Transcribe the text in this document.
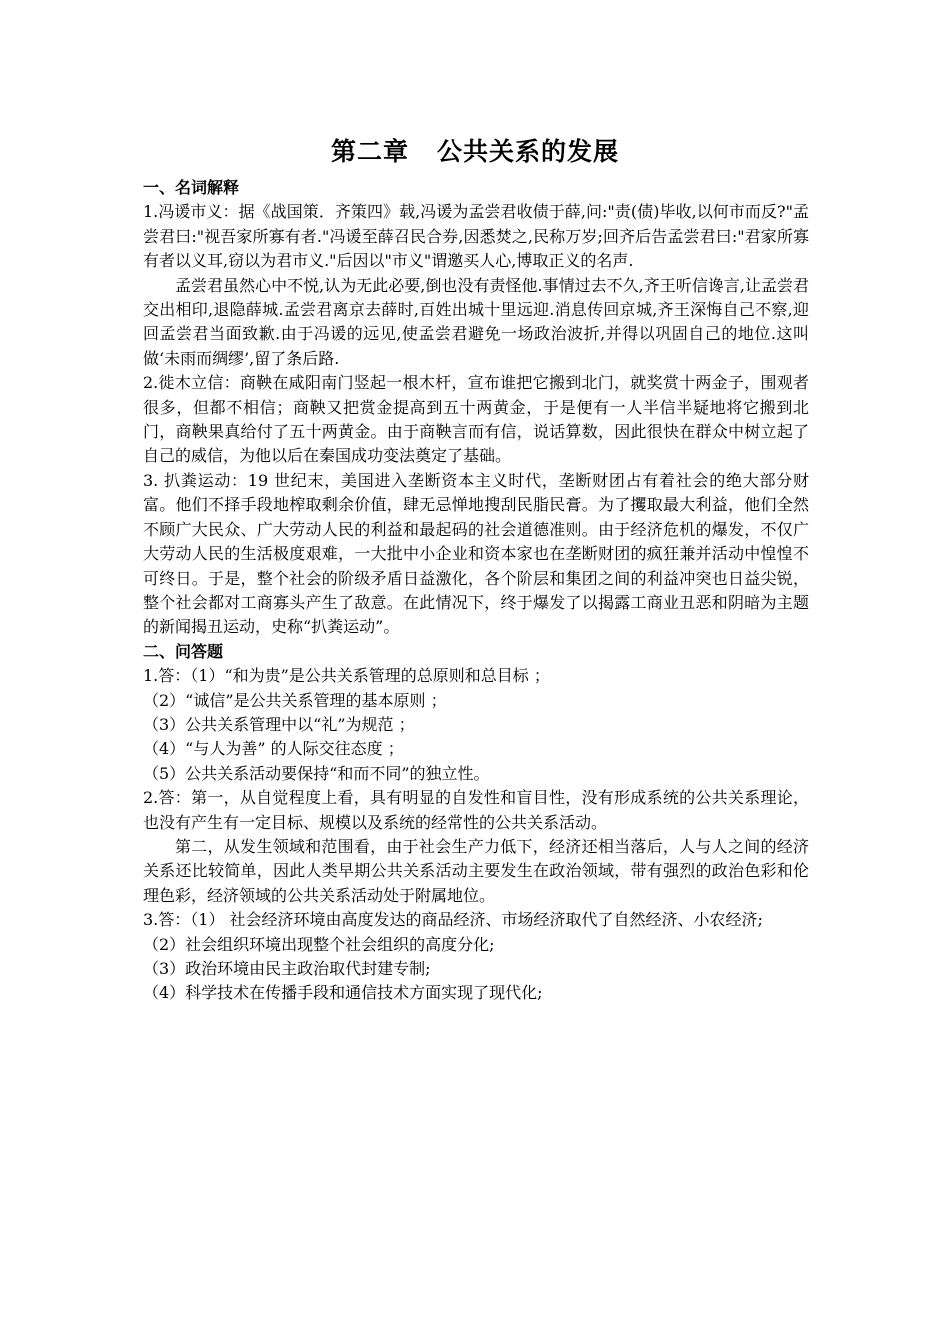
第二章 公共关系的发展

一、名词解释

1.冯谖市义：据《战国策．齐策四》载,冯谖为孟尝君收债于薛,问:"责(债)毕收,以何市而反?"孟尝君曰:"视吾家所寡有者."冯谖至薛召民合券,因悉焚之,民称万岁;回齐后告孟尝君曰:"君家所寡有者以义耳,窃以为君市义."后因以"市义"谓邀买人心,博取正义的名声.

孟尝君虽然心中不悦,认为无此必要,倒也没有责怪他.事情过去不久,齐王听信谗言,让孟尝君交出相印,退隐薛城.孟尝君离京去薛时,百姓出城十里远迎.消息传回京城,齐王深悔自己不察,迎回孟尝君当面致歉.由于冯谖的远见,使孟尝君避免一场政治波折,并得以巩固自己的地位.这叫做‘未雨而绸缪’,留了条后路.

2.徙木立信：商鞅在咸阳南门竖起一根木杆，宣布谁把它搬到北门，就奖赏十两金子，围观者很多，但都不相信；商鞅又把赏金提高到五十两黄金，于是便有一人半信半疑地将它搬到北门，商鞅果真给付了五十两黄金。由于商鞅言而有信，说话算数，因此很快在群众中树立起了自己的威信，为他以后在秦国成功变法奠定了基础。

3. 扒粪运动：19 世纪末，美国进入垄断资本主义时代，垄断财团占有着社会的绝大部分财富。他们不择手段地榨取剩余价值，肆无忌惮地搜刮民脂民膏。为了攫取最大利益，他们全然不顾广大民众、广大劳动人民的利益和最起码的社会道德准则。由于经济危机的爆发，不仅广大劳动人民的生活极度艰难，一大批中小企业和资本家也在垄断财团的疯狂兼并活动中惶惶不可终日。于是，整个社会的阶级矛盾日益激化，各个阶层和集团之间的利益冲突也日益尖锐，整个社会都对工商寡头产生了敌意。在此情况下，终于爆发了以揭露工商业丑恶和阴暗为主题的新闻揭丑运动，史称“扒粪运动”。

二、问答题

1.答：（1）“和为贵”是公共关系管理的总原则和总目标 ；

（2）“诚信”是公共关系管理的基本原则 ；

（3）公共关系管理中以“礼”为规范 ；

（4）“与人为善” 的人际交往态度 ；

（5）公共关系活动要保持“和而不同”的独立性。

2.答：第一，从自觉程度上看，具有明显的自发性和盲目性，没有形成系统的公共关系理论，也没有产生有一定目标、规模以及系统的经常性的公共关系活动。

第二，从发生领域和范围看，由于社会生产力低下，经济还相当落后，人与人之间的经济关系还比较简单，因此人类早期公共关系活动主要发生在政治领域，带有强烈的政治色彩和伦理色彩，经济领域的公共关系活动处于附属地位。

3.答：（1） 社会经济环境由高度发达的商品经济、市场经济取代了自然经济、小农经济;

（2）社会组织环境出现整个社会组织的高度分化;

（3）政治环境由民主政治取代封建专制;

（4）科学技术在传播手段和通信技术方面实现了现代化;
